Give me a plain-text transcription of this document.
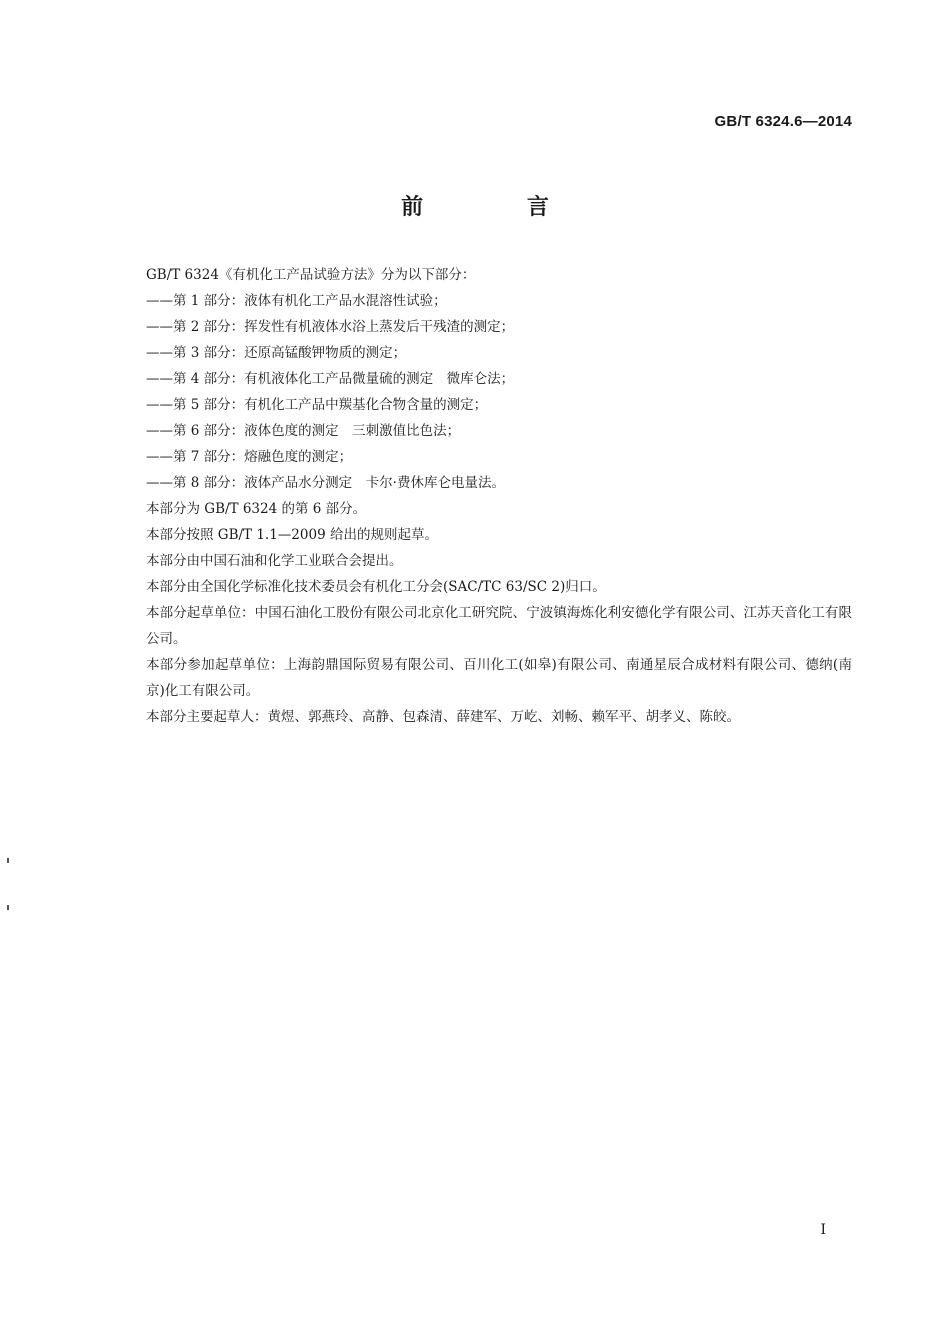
GB/T 6324.6—2014
前 言
GB/T 6324《有机化工产品试验方法》分为以下部分：
——第 1 部分：液体有机化工产品水混溶性试验；
——第 2 部分：挥发性有机液体水浴上蒸发后干残渣的测定；
——第 3 部分：还原高锰酸钾物质的测定；
——第 4 部分：有机液体化工产品微量硫的测定　微库仑法；
——第 5 部分：有机化工产品中羰基化合物含量的测定；
——第 6 部分：液体色度的测定　三刺激值比色法；
——第 7 部分：熔融色度的测定；
——第 8 部分：液体产品水分测定　卡尔·费休库仑电量法。
本部分为 GB/T 6324 的第 6 部分。
本部分按照 GB/T 1.1—2009 给出的规则起草。
本部分由中国石油和化学工业联合会提出。
本部分由全国化学标准化技术委员会有机化工分会(SAC/TC 63/SC 2)归口。
本部分起草单位：中国石油化工股份有限公司北京化工研究院、宁波镇海炼化利安德化学有限公司、江苏天音化工有限公司。
本部分参加起草单位：上海韵鼎国际贸易有限公司、百川化工(如皋)有限公司、南通星辰合成材料有限公司、德纳(南京)化工有限公司。
本部分主要起草人：黄煜、郭燕玲、高静、包森清、薛建军、万屹、刘畅、赖军平、胡孝义、陈皎。
I
